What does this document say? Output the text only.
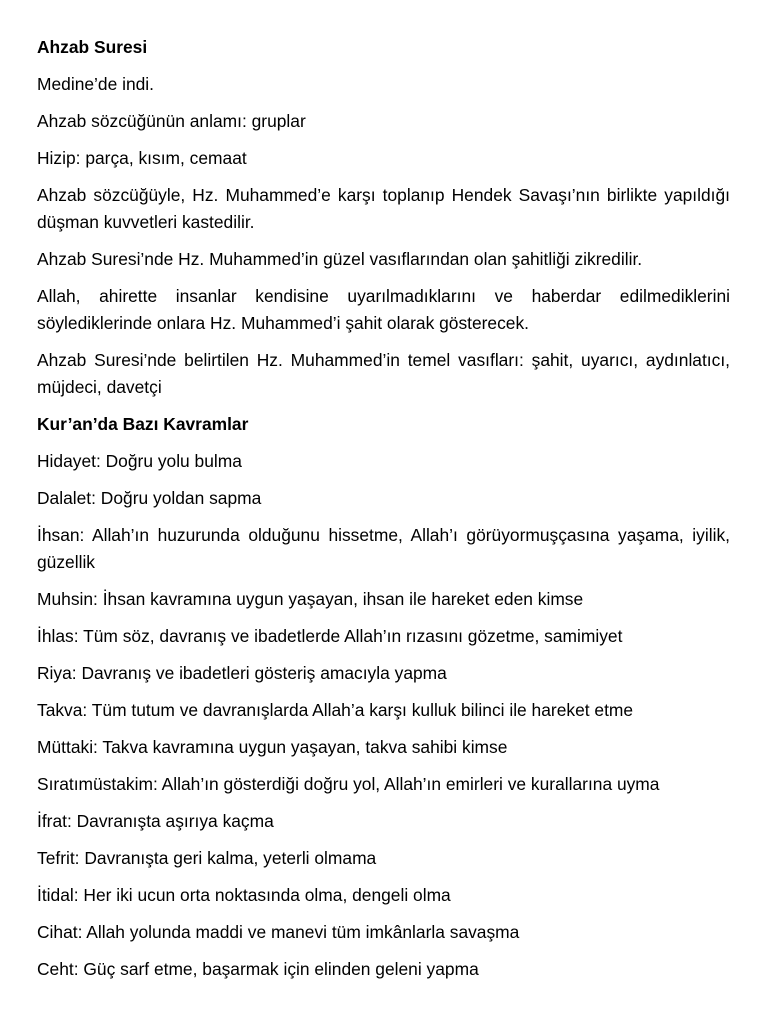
Ahzab Suresi

Medine’de indi.

Ahzab sözcüğünün anlamı: gruplar

Hizip: parça, kısım, cemaat

Ahzab sözcüğüyle, Hz. Muhammed’e karşı toplanıp Hendek Savaşı’nın birlikte yapıldığı düşman kuvvetleri kastedilir.

Ahzab Suresi’nde Hz. Muhammed’in güzel vasıflarından olan şahitliği zikredilir.

Allah, ahirette insanlar kendisine uyarılmadıklarını ve haberdar edilmediklerini söylediklerinde onlara Hz. Muhammed’i şahit olarak gösterecek.

Ahzab Suresi’nde belirtilen Hz. Muhammed’in temel vasıfları: şahit, uyarıcı, aydınlatıcı, müjdeci, davetçi

Kur’an’da Bazı Kavramlar

Hidayet: Doğru yolu bulma

Dalalet: Doğru yoldan sapma

İhsan: Allah’ın huzurunda olduğunu hissetme, Allah’ı görüyormuşçasına yaşama, iyilik, güzellik

Muhsin: İhsan kavramına uygun yaşayan, ihsan ile hareket eden kimse

İhlas: Tüm söz, davranış ve ibadetlerde Allah’ın rızasını gözetme, samimiyet

Riya: Davranış ve ibadetleri gösteriş amacıyla yapma

Takva: Tüm tutum ve davranışlarda Allah’a karşı kulluk bilinci ile hareket etme

Müttaki: Takva kavramına uygun yaşayan, takva sahibi kimse

Sıratımüstakim: Allah’ın gösterdiği doğru yol, Allah’ın emirleri ve kurallarına uyma

İfrat: Davranışta aşırıya kaçma

Tefrit: Davranışta geri kalma, yeterli olmama

İtidal: Her iki ucun orta noktasında olma, dengeli olma

Cihat: Allah yolunda maddi ve manevi tüm imkânlarla savaşma

Ceht: Güç sarf etme, başarmak için elinden geleni yapma
